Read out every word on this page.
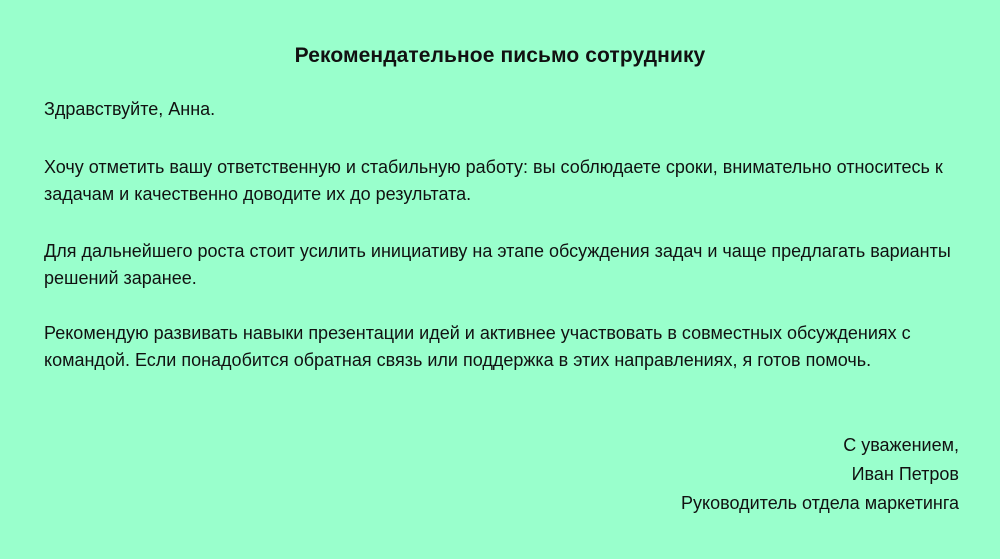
Рекомендательное письмо сотруднику

Здравствуйте, Анна.

Хочу отметить вашу ответственную и стабильную работу: вы соблюдаете сроки, внимательно относитесь к задачам и качественно доводите их до результата.

Для дальнейшего роста стоит усилить инициативу на этапе обсуждения задач и чаще предлагать варианты решений заранее.

Рекомендую развивать навыки презентации идей и активнее участвовать в совместных обсуждениях с командой. Если понадобится обратная связь или поддержка в этих направлениях, я готов помочь.

С уважением,
Иван Петров
Руководитель отдела маркетинга
